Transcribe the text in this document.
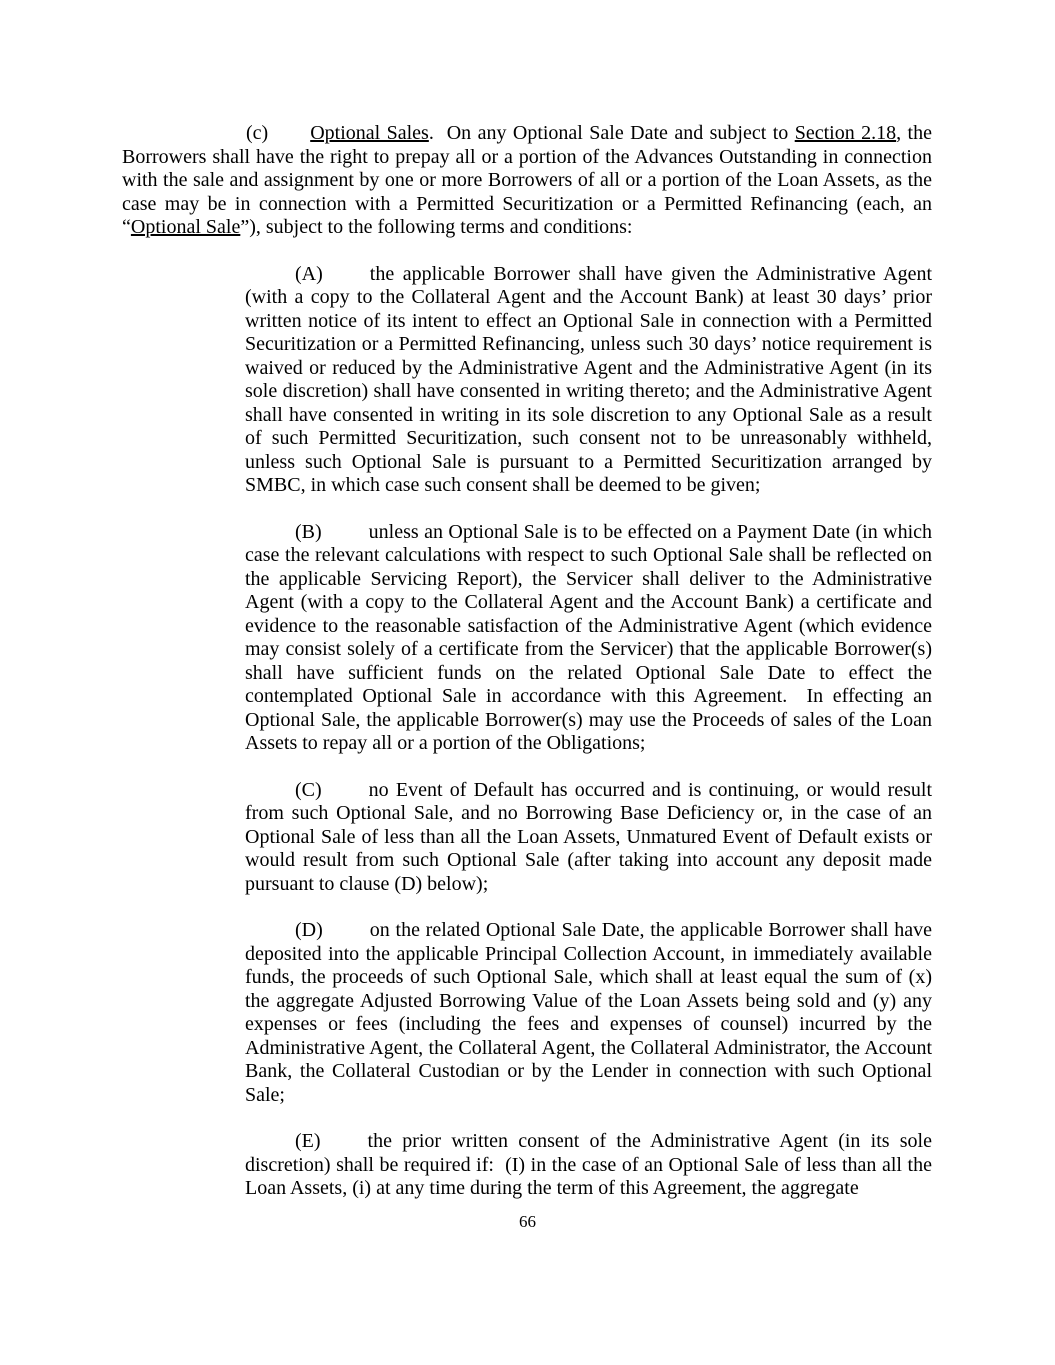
(c) Optional Sales.  On any Optional Sale Date and subject to Section 2.18, the Borrowers shall have the right to prepay all or a portion of the Advances Outstanding in connection with the sale and assignment by one or more Borrowers of all or a portion of the Loan Assets, as the case may be in connection with a Permitted Securitization or a Permitted Refinancing (each, an “Optional Sale”), subject to the following terms and conditions:

(A) the applicable Borrower shall have given the Administrative Agent (with a copy to the Collateral Agent and the Account Bank) at least 30 days’ prior written notice of its intent to effect an Optional Sale in connection with a Permitted Securitization or a Permitted Refinancing, unless such 30 days’ notice requirement is waived or reduced by the Administrative Agent and the Administrative Agent (in its sole discretion) shall have consented in writing thereto; and the Administrative Agent shall have consented in writing in its sole discretion to any Optional Sale as a result of such Permitted Securitization, such consent not to be unreasonably withheld, unless such Optional Sale is pursuant to a Permitted Securitization arranged by SMBC, in which case such consent shall be deemed to be given;

(B) unless an Optional Sale is to be effected on a Payment Date (in which case the relevant calculations with respect to such Optional Sale shall be reflected on the applicable Servicing Report), the Servicer shall deliver to the Administrative Agent (with a copy to the Collateral Agent and the Account Bank) a certificate and evidence to the reasonable satisfaction of the Administrative Agent (which evidence may consist solely of a certificate from the Servicer) that the applicable Borrower(s) shall have sufficient funds on the related Optional Sale Date to effect the contemplated Optional Sale in accordance with this Agreement.  In effecting an Optional Sale, the applicable Borrower(s) may use the Proceeds of sales of the Loan Assets to repay all or a portion of the Obligations;

(C) no Event of Default has occurred and is continuing, or would result from such Optional Sale, and no Borrowing Base Deficiency or, in the case of an Optional Sale of less than all the Loan Assets, Unmatured Event of Default exists or would result from such Optional Sale (after taking into account any deposit made pursuant to clause (D) below);

(D) on the related Optional Sale Date, the applicable Borrower shall have deposited into the applicable Principal Collection Account, in immediately available funds, the proceeds of such Optional Sale, which shall at least equal the sum of (x) the aggregate Adjusted Borrowing Value of the Loan Assets being sold and (y) any expenses or fees (including the fees and expenses of counsel) incurred by the Administrative Agent, the Collateral Agent, the Collateral Administrator, the Account Bank, the Collateral Custodian or by the Lender in connection with such Optional Sale;

(E) the prior written consent of the Administrative Agent (in its sole discretion) shall be required if:  (I) in the case of an Optional Sale of less than all the Loan Assets, (i) at any time during the term of this Agreement, the aggregate

66
